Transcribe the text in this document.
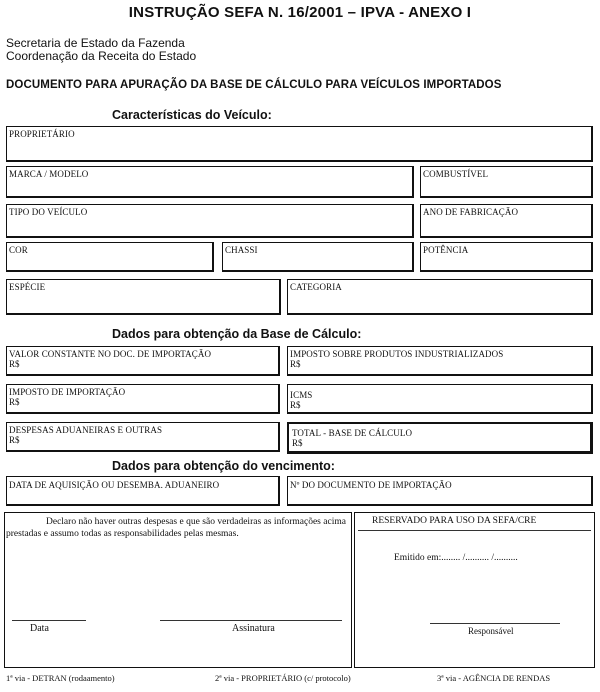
INSTRUÇÃO SEFA N. 16/2001 – IPVA - ANEXO I
Secretaria de Estado da Fazenda
Coordenação da Receita do Estado
DOCUMENTO PARA APURAÇÃO DA BASE DE CÁLCULO PARA VEÍCULOS IMPORTADOS
Características do Veículo:
PROPRIETÁRIO
MARCA / MODELO	COMBUSTÍVEL
TIPO DO VEÍCULO	ANO DE FABRICAÇÃO
COR	CHASSI	POTÊNCIA
ESPÉCIE	CATEGORIA
Dados para obtenção da Base de Cálculo:
VALOR CONSTANTE NO DOC. DE IMPORTAÇÃO
R$
IMPOSTO SOBRE PRODUTOS INDUSTRIALIZADOS
R$
IMPOSTO DE IMPORTAÇÃO
R$
ICMS
R$
DESPESAS ADUANEIRAS E OUTRAS
R$
TOTAL - BASE DE CÁLCULO
R$
Dados para obtenção do vencimento:
DATA DE AQUISIÇÃO OU DESEMBA. ADUANEIRO	Nº DO DOCUMENTO DE IMPORTAÇÃO

Declaro não haver outras despesas e que são verdadeiras as informações acima prestadas e assumo todas as responsabilidades pelas mesmas.

Data	Assinatura
RESERVADO PARA USO DA SEFA/CRE
Emitido em:........ /.......... /..........
Responsável
1ª via - DETRAN (rodaamento)	2ª via - PROPRIETÁRIO (c/ protocolo)	3ª via - AGÊNCIA DE RENDAS
